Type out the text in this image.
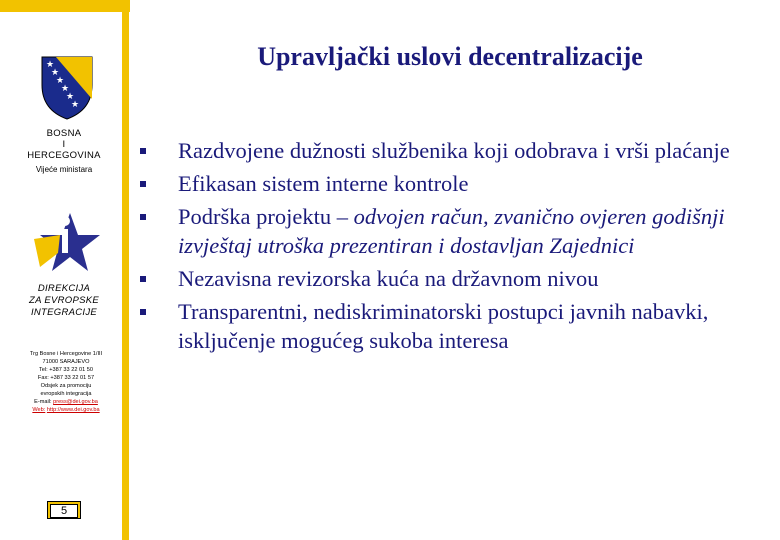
★
★
★
★
★
★
BOSNA
I
HERCEGOVINA
Vijeće ministara
DIREKCIJA
ZA EVROPSKE
INTEGRACIJE
Trg Bosne i Hercegovine 1/III
71000 SARAJEVO
Tel: +387 33 22 01 50
Fax: +387 33 22 01 57
Odsjek za promociju
evropskih integracija
E-mail: press@dei.gov.ba
Web: http://www.dei.gov.ba
5
Upravljački uslovi decentralizacije
Razdvojene dužnosti službenika koji odobrava i vrši plaćanje
Efikasan sistem interne kontrole
Podrška projektu – odvojen račun, zvanično ovjeren godišnji izvještaj utroška prezentiran i dostavljan Zajednici
Nezavisna revizorska kuća na državnom nivou
Transparentni, nediskriminatorski postupci javnih nabavki, isključenje mogućeg sukoba interesa
